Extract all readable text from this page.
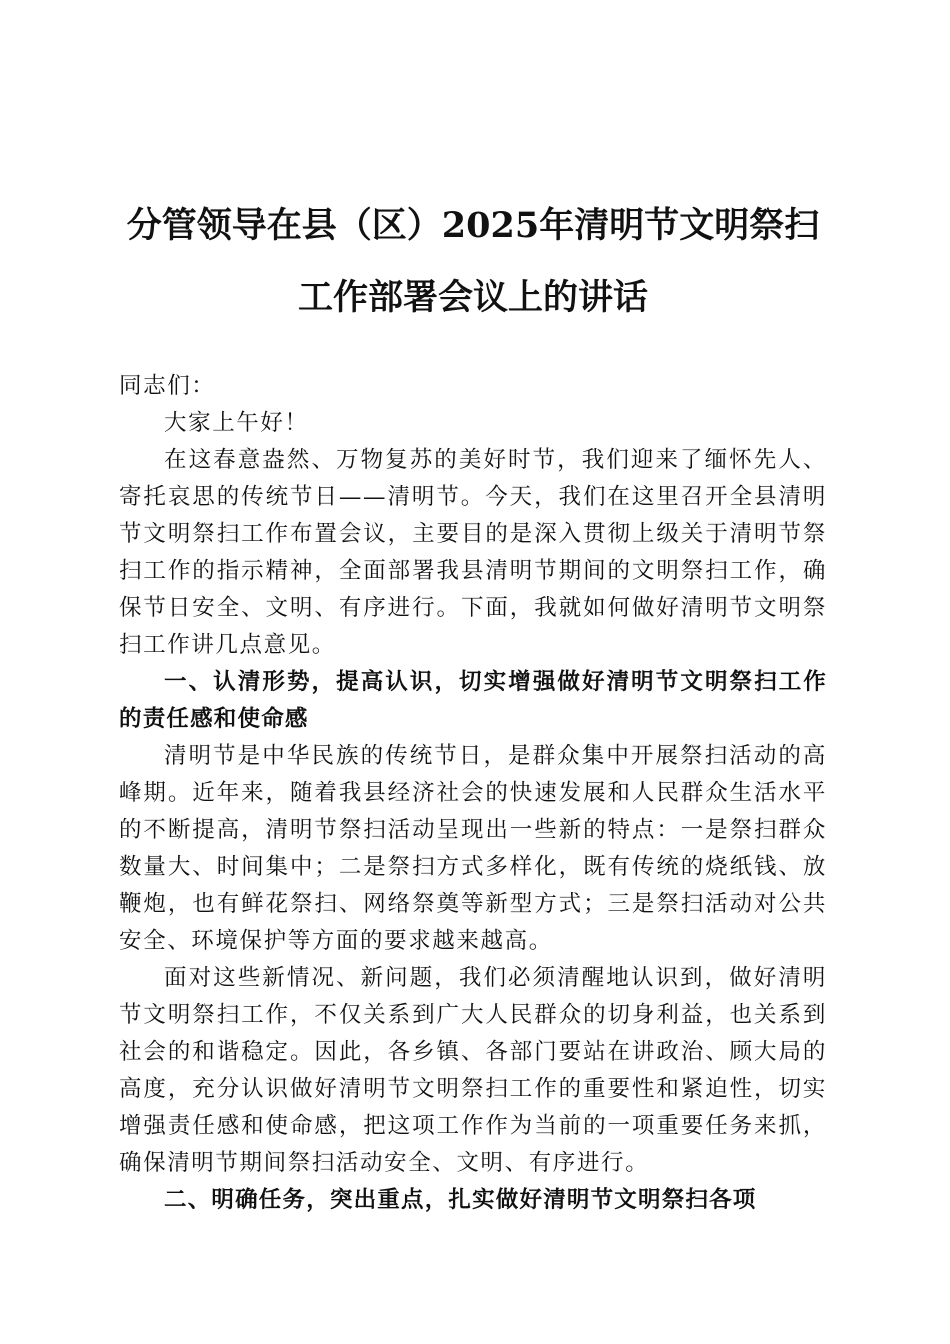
分管领导在县（区）2025年清明节文明祭扫
工作部署会议上的讲话

同志们：

大家上午好！

在这春意盎然、万物复苏的美好时节，我们迎来了缅怀先人、寄托哀思的传统节日——清明节。今天，我们在这里召开全县清明节文明祭扫工作布置会议，主要目的是深入贯彻上级关于清明节祭扫工作的指示精神，全面部署我县清明节期间的文明祭扫工作，确保节日安全、文明、有序进行。下面，我就如何做好清明节文明祭扫工作讲几点意见。

一、认清形势，提高认识，切实增强做好清明节文明祭扫工作的责任感和使命感

清明节是中华民族的传统节日，是群众集中开展祭扫活动的高峰期。近年来，随着我县经济社会的快速发展和人民群众生活水平的不断提高，清明节祭扫活动呈现出一些新的特点：一是祭扫群众数量大、时间集中；二是祭扫方式多样化，既有传统的烧纸钱、放鞭炮，也有鲜花祭扫、网络祭奠等新型方式；三是祭扫活动对公共安全、环境保护等方面的要求越来越高。

面对这些新情况、新问题，我们必须清醒地认识到，做好清明节文明祭扫工作，不仅关系到广大人民群众的切身利益，也关系到社会的和谐稳定。因此，各乡镇、各部门要站在讲政治、顾大局的高度，充分认识做好清明节文明祭扫工作的重要性和紧迫性，切实增强责任感和使命感，把这项工作作为当前的一项重要任务来抓，确保清明节期间祭扫活动安全、文明、有序进行。

二、明确任务，突出重点，扎实做好清明节文明祭扫各项
